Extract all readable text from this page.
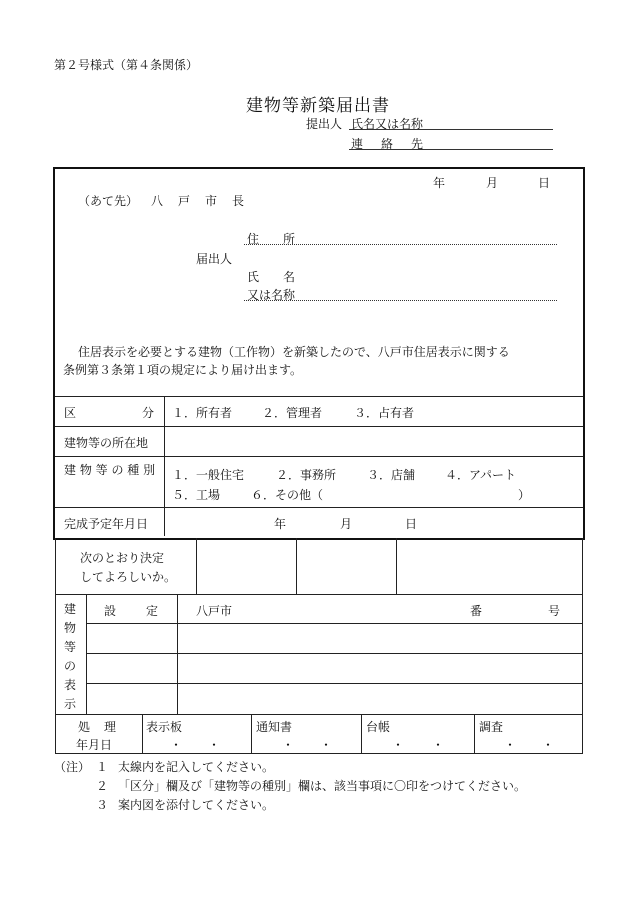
第２号様式（第４条関係）
建物等新築届出書
提出人 氏名又は名称
連 絡 先
年	月	日
（あて先） 八 戸 市 長
住 所
届出人
氏 名
又は名称
住居表示を必要とする建物（工作物）を新築したので、八戸市住居表示に関する
条例第３条第１項の規定により届け出ます。
区	分 １．所有者 ２．管理者	３．占有者
建物等の所在地
建 物 等 の 種 別 １．一般住宅	２．事務所	３．店舗 ４．アパート
５．工場	６．その他（	）
完成予定年月日	年	月	日
次のとおり決定
してよろしいか。
建
物
等
の
表
示
設 定	八戸市	番	号
処 理
年月日
表示板	通知書	台帳	調査
・ ・	・ ・	・ ・	・ ・
（注） １ 太線内を記入してください。
２ 「区分」欄及び「建物等の種別」欄は、該当事項に〇印をつけてください。
３ 案内図を添付してください。
